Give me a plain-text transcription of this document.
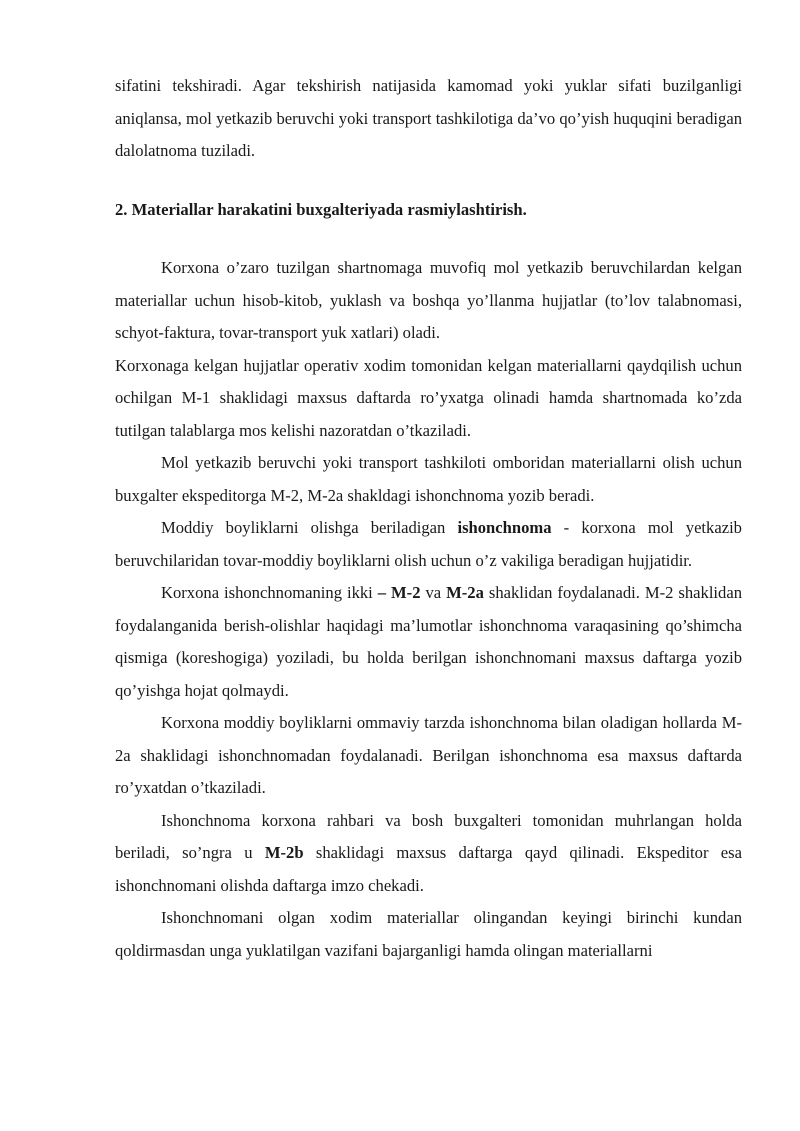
sifatini tekshiradi. Agar tekshirish natijasida kamomad yoki yuklar sifati buzilganligi aniqlansa, mol yetkazib beruvchi yoki transport tashkilotiga da’vo qo’yish huquqini beradigan dalolatnoma tuziladi.

2. Materiallar harakatini buxgalteriyada rasmiylashtirish.

Korxona o’zaro tuzilgan shartnomaga muvofiq mol yetkazib beruvchilardan kelgan materiallar uchun hisob-kitob, yuklash va boshqa yo’llanma hujjatlar (to’lov talabnomasi, schyot-faktura, tovar-transport yuk xatlari) oladi.

Korxonaga kelgan hujjatlar operativ xodim tomonidan kelgan materiallarni qaydqilish uchun ochilgan M-1 shaklidagi maxsus daftarda ro’yxatga olinadi hamda shartnomada ko’zda tutilgan talablarga mos kelishi nazoratdan o’tkaziladi.

Mol yetkazib beruvchi yoki transport tashkiloti omboridan materiallarni olish uchun buxgalter ekspeditorga M-2, M-2a shakldagi ishonchnoma yozib beradi.

Moddiy boyliklarni olishga beriladigan ishonchnoma - korxona mol yetkazib beruvchilaridan tovar-moddiy boyliklarni olish uchun o’z vakiliga beradigan hujjatidir.

Korxona ishonchnomaning ikki – M-2 va M-2a shaklidan foydalanadi. M-2 shaklidan foydalanganida berish-olishlar haqidagi ma’lumotlar ishonchnoma varaqasining qo’shimcha qismiga (koreshogiga) yoziladi, bu holda berilgan ishonchnomani maxsus daftarga yozib qo’yishga hojat qolmaydi.

Korxona moddiy boyliklarni ommaviy tarzda ishonchnoma bilan oladigan hollarda M-2a shaklidagi ishonchnomadan foydalanadi. Berilgan ishonchnoma esa maxsus daftarda ro’yxatdan o’tkaziladi.

Ishonchnoma korxona rahbari va bosh buxgalteri tomonidan muhrlangan holda beriladi, so’ngra u M-2b shaklidagi maxsus daftarga qayd qilinadi. Ekspeditor esa ishonchnomani olishda daftarga imzo chekadi.

Ishonchnomani olgan xodim materiallar olingandan keyingi birinchi kundan qoldirmasdan unga yuklatilgan vazifani bajarganligi hamda olingan materiallarni
